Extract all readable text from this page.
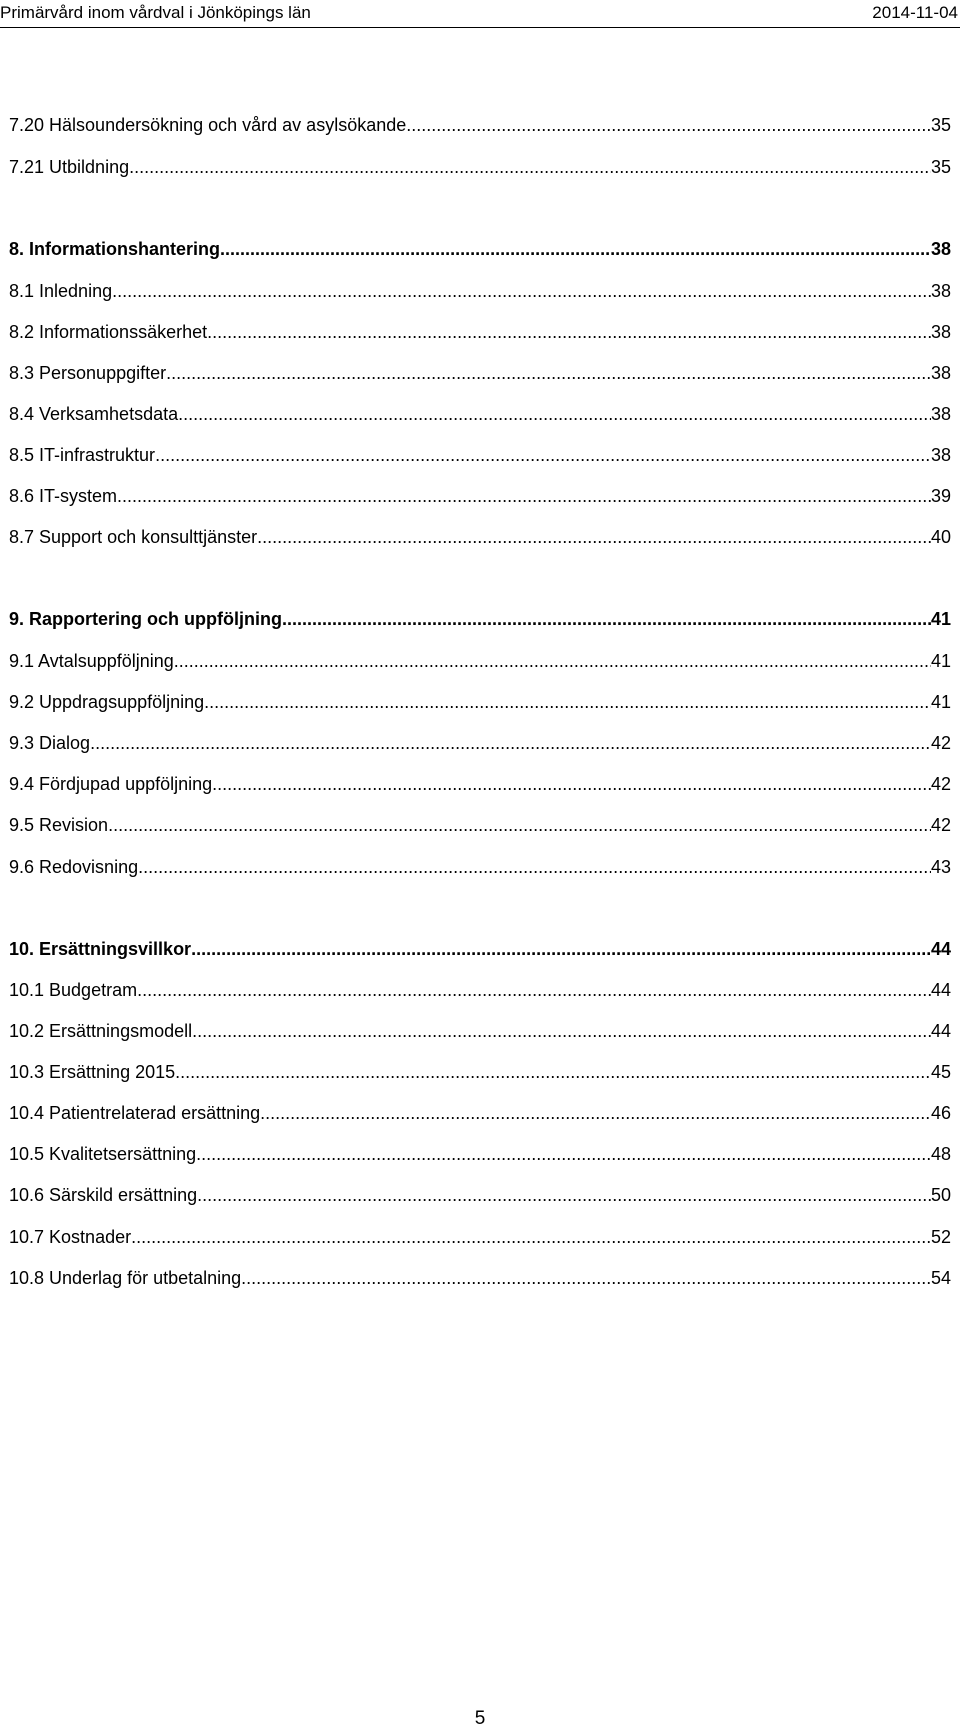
Primärvård inom vårdval i Jönköpings län	2014-11-04
7.20 Hälsoundersökning och vård av asylsökande .....	35
7.21 Utbildning .....	35
8. Informationshantering .....	38
8.1 Inledning .....	38
8.2 Informationssäkerhet .....	38
8.3 Personuppgifter .....	38
8.4 Verksamhetsdata .....	38
8.5 IT-infrastruktur .....	38
8.6 IT-system .....	39
8.7 Support och konsulttjänster .....	40
9. Rapportering och uppföljning .....	41
9.1 Avtalsuppföljning .....	41
9.2 Uppdragsuppföljning .....	41
9.3 Dialog .....	42
9.4 Fördjupad uppföljning .....	42
9.5 Revision .....	42
9.6 Redovisning .....	43
10. Ersättningsvillkor .....	44
10.1 Budgetram .....	44
10.2 Ersättningsmodell .....	44
10.3 Ersättning 2015 .....	45
10.4 Patientrelaterad ersättning .....	46
10.5 Kvalitetsersättning .....	48
10.6 Särskild ersättning .....	50
10.7 Kostnader .....	52
10.8 Underlag för utbetalning .....	54
5
